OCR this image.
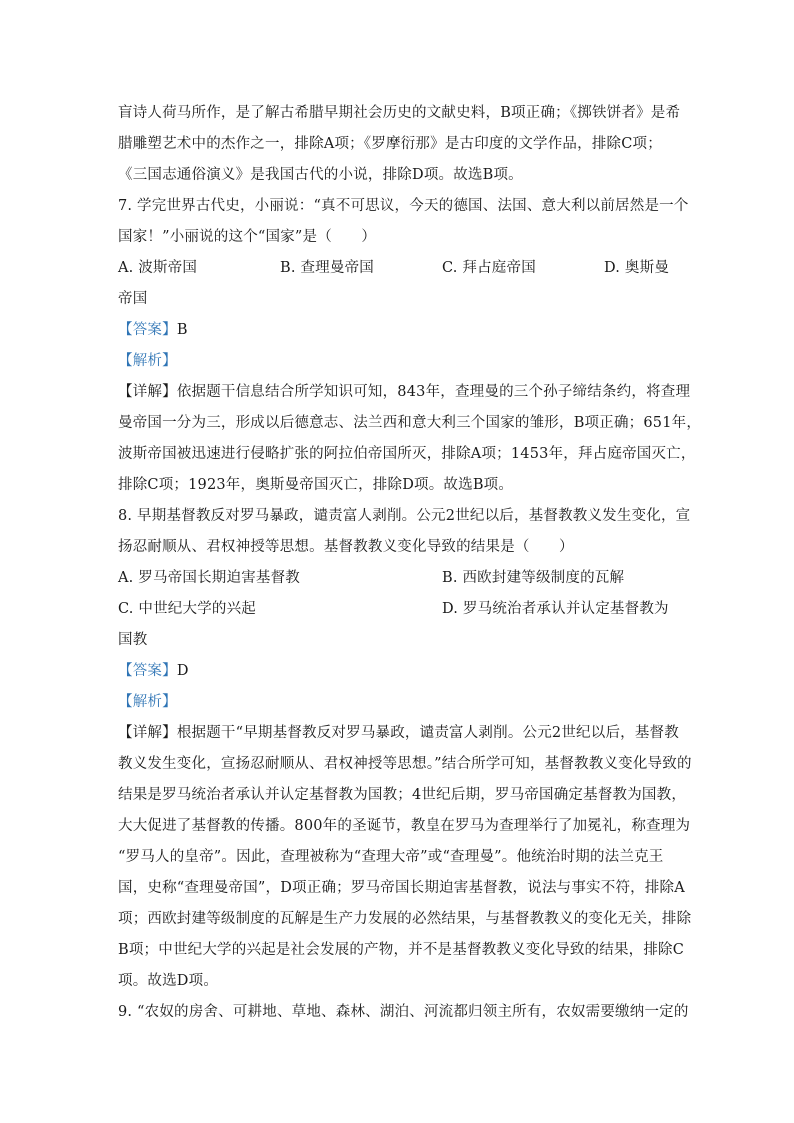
盲诗人荷马所作，是了解古希腊早期社会历史的文献史料，B项正确；《掷铁饼者》是希
腊雕塑艺术中的杰作之一，排除A项；《罗摩衍那》是古印度的文学作品，排除C项；
《三国志通俗演义》是我国古代的小说，排除D项。故选B项。
7. 学完世界古代史，小丽说：“真不可思议，今天的德国、法国、意大利以前居然是一个
国家！”小丽说的这个“国家”是（　　）
A. 波斯帝国	B. 查理曼帝国	C. 拜占庭帝国	D. 奥斯曼
帝国
【答案】B
【解析】
【详解】依据题干信息结合所学知识可知，843年，查理曼的三个孙子缔结条约，将查理
曼帝国一分为三，形成以后德意志、法兰西和意大利三个国家的雏形，B项正确；651年，
波斯帝国被迅速进行侵略扩张的阿拉伯帝国所灭，排除A项；1453年，拜占庭帝国灭亡，
排除C项；1923年，奥斯曼帝国灭亡，排除D项。故选B项。
8. 早期基督教反对罗马暴政，谴责富人剥削。公元2世纪以后，基督教教义发生变化，宣
扬忍耐顺从、君权神授等思想。基督教教义变化导致的结果是（　　）
A. 罗马帝国长期迫害基督教	B. 西欧封建等级制度的瓦解
C. 中世纪大学的兴起	D. 罗马统治者承认并认定基督教为
国教
【答案】D
【解析】
【详解】根据题干“早期基督教反对罗马暴政，谴责富人剥削。公元2世纪以后，基督教
教义发生变化，宣扬忍耐顺从、君权神授等思想。”结合所学可知，基督教教义变化导致的
结果是罗马统治者承认并认定基督教为国教；4世纪后期，罗马帝国确定基督教为国教，
大大促进了基督教的传播。800年的圣诞节，教皇在罗马为查理举行了加冕礼，称查理为
“罗马人的皇帝”。因此，查理被称为“查理大帝”或“查理曼”。他统治时期的法兰克王
国，史称“查理曼帝国”，D项正确；罗马帝国长期迫害基督教，说法与事实不符，排除A
项；西欧封建等级制度的瓦解是生产力发展的必然结果，与基督教教义的变化无关，排除
B项；中世纪大学的兴起是社会发展的产物，并不是基督教教义变化导致的结果，排除C
项。故选D项。
9. “农奴的房舍、可耕地、草地、森林、湖泊、河流都归领主所有，农奴需要缴纳一定的
